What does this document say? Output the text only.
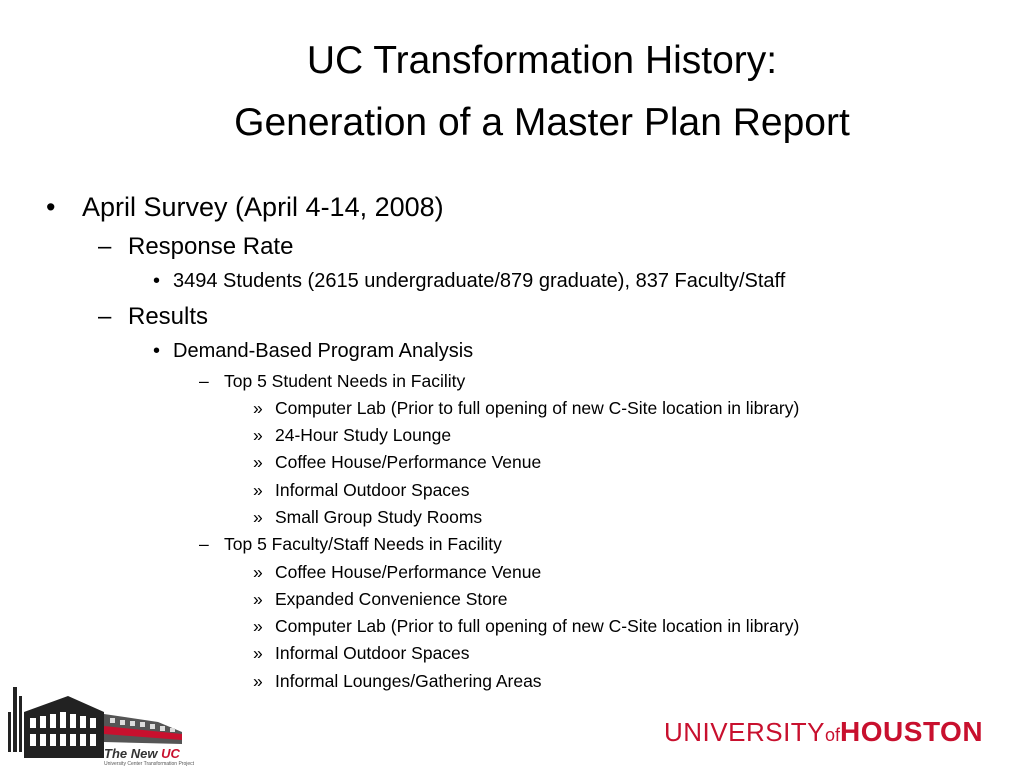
UC Transformation History:
Generation of a Master Plan Report
• April Survey (April 4-14, 2008)
– Response Rate
• 3494 Students (2615 undergraduate/879 graduate), 837 Faculty/Staff
– Results
• Demand-Based Program Analysis
– Top 5 Student Needs in Facility
» Computer Lab (Prior to full opening of new C-Site location in library)
» 24-Hour Study Lounge
» Coffee House/Performance Venue
» Informal Outdoor Spaces
» Small Group Study Rooms
– Top 5 Faculty/Staff Needs in Facility
» Coffee House/Performance Venue
» Expanded Convenience Store
» Computer Lab (Prior to full opening of new C-Site location in library)
» Informal Outdoor Spaces
» Informal Lounges/Gathering Areas
The New UC
University Center Transformation Project
UNIVERSITYofHOUSTON
